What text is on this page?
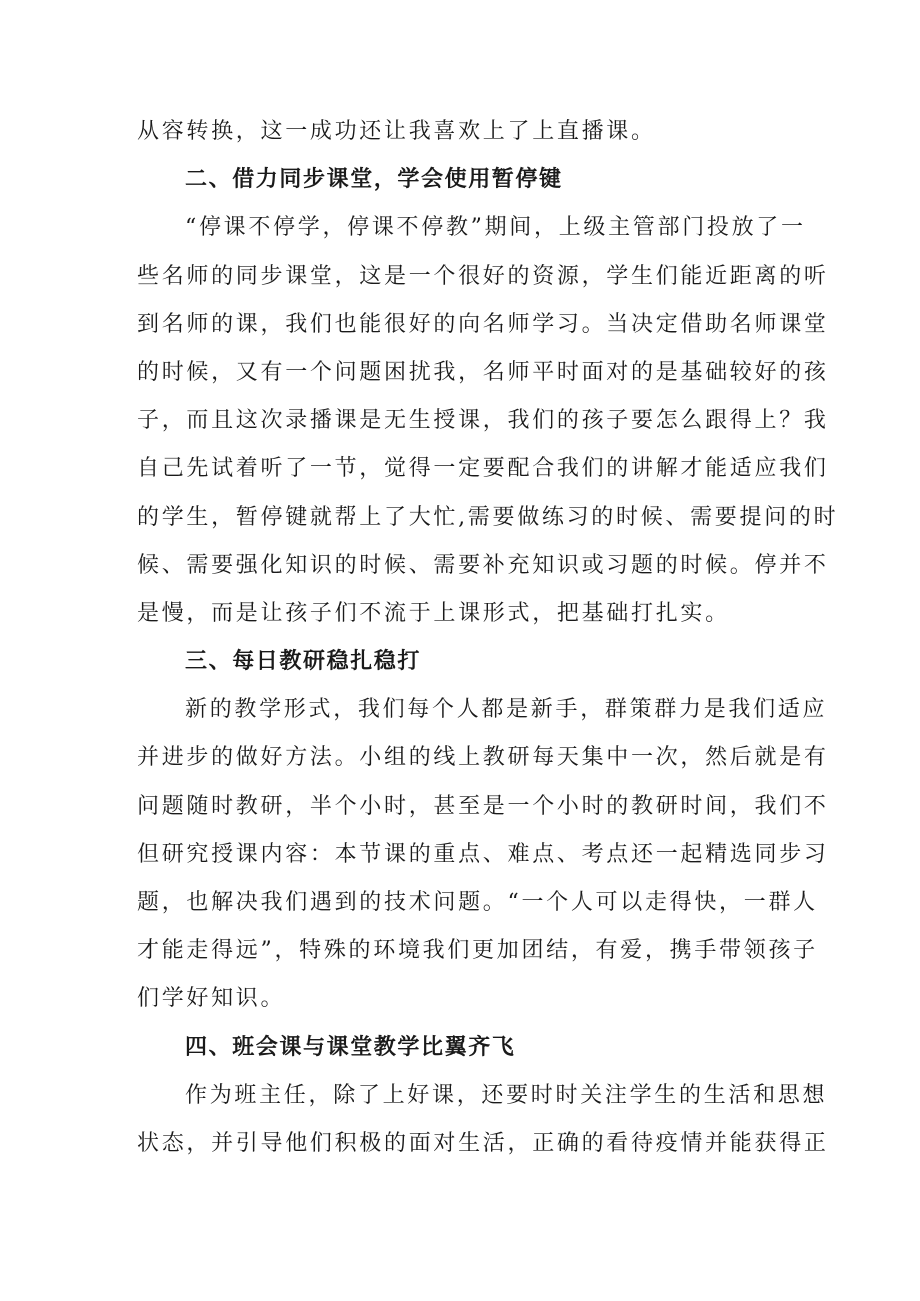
从容转换，这一成功还让我喜欢上了上直播课。
二、借力同步课堂，学会使用暂停键
“停课不停学，停课不停教”期间，上级主管部门投放了一
些名师的同步课堂，这是一个很好的资源，学生们能近距离的听
到名师的课，我们也能很好的向名师学习。当决定借助名师课堂
的时候，又有一个问题困扰我，名师平时面对的是基础较好的孩
子，而且这次录播课是无生授课，我们的孩子要怎么跟得上？我
自己先试着听了一节，觉得一定要配合我们的讲解才能适应我们
的学生，暂停键就帮上了大忙,需要做练习的时候、需要提问的时
候、需要强化知识的时候、需要补充知识或习题的时候。停并不
是慢，而是让孩子们不流于上课形式，把基础打扎实。
三、每日教研稳扎稳打
新的教学形式，我们每个人都是新手，群策群力是我们适应
并进步的做好方法。小组的线上教研每天集中一次，然后就是有
问题随时教研，半个小时，甚至是一个小时的教研时间，我们不
但研究授课内容：本节课的重点、难点、考点还一起精选同步习
题，也解决我们遇到的技术问题。“一个人可以走得快，一群人
才能走得远”，特殊的环境我们更加团结，有爱，携手带领孩子
们学好知识。
四、班会课与课堂教学比翼齐飞
作为班主任，除了上好课，还要时时关注学生的生活和思想
状态，并引导他们积极的面对生活，正确的看待疫情并能获得正
